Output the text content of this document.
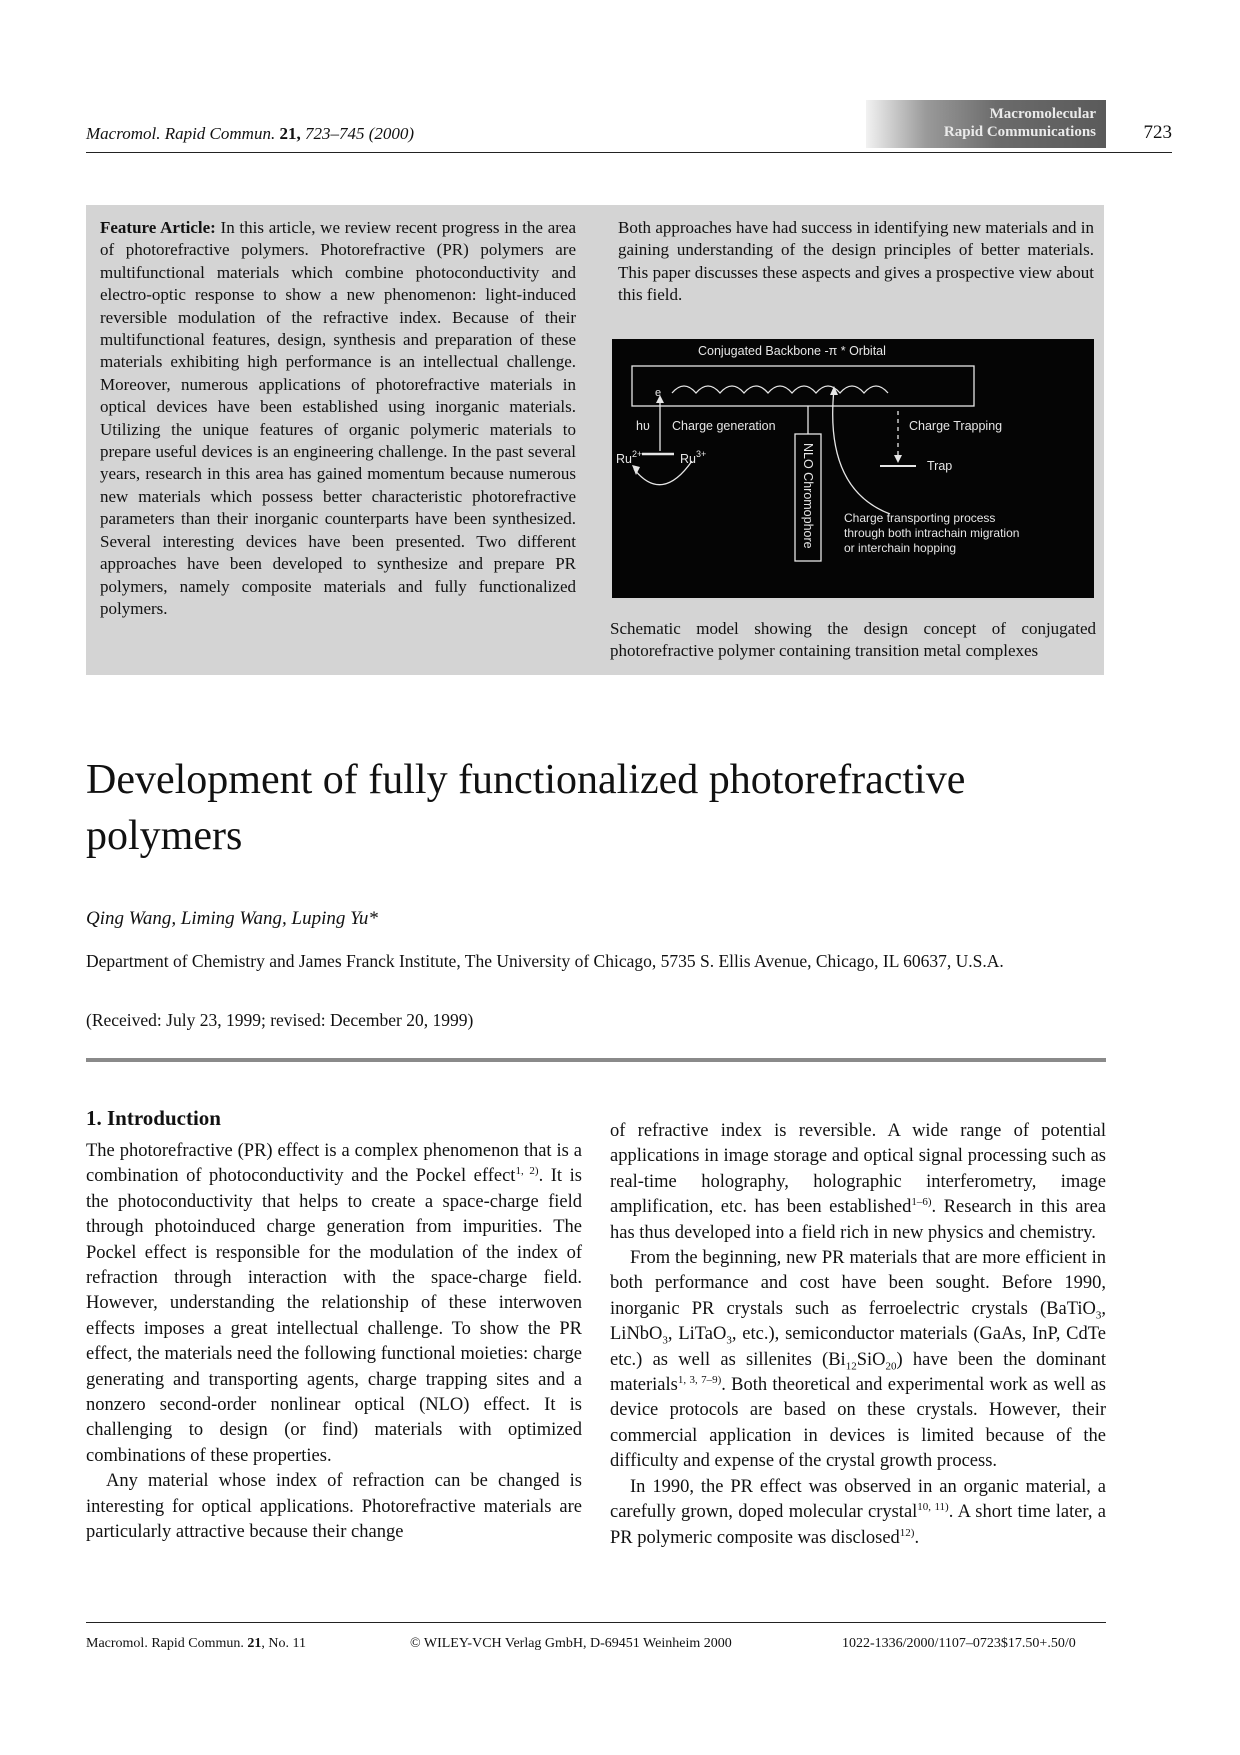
Macromol. Rapid Commun. 21, 723–745 (2000)
Macromolecular
Rapid Communications	723
Feature Article: In this article, we review recent progress in the area of photorefractive polymers. Photorefractive (PR) polymers are multifunctional materials which combine photoconductivity and electro-optic response to show a new phenomenon: light-induced reversible modulation of the refractive index. Because of their multifunctional features, design, synthesis and preparation of these materials exhibiting high performance is an intellectual challenge. Moreover, numerous applications of photorefractive materials in optical devices have been established using inorganic materials. Utilizing the unique features of organic polymeric materials to prepare useful devices is an engineering challenge. In the past several years, research in this area has gained momentum because numerous new materials which possess better characteristic photorefractive parameters than their inorganic counterparts have been synthesized. Several interesting devices have been presented. Two different approaches have been developed to synthesize and prepare PR polymers, namely composite materials and fully functionalized polymers.
Both approaches have had success in identifying new materials and in gaining understanding of the design principles of better materials. This paper discusses these aspects and gives a prospective view about this field.
Conjugated Backbone -π * Orbital
e
hυ Charge generation
$Ru^{2+}$	$Ru^{3+}$	NLO Chromophore
Charge Trapping
Trap
Charge transporting process
through both intrachain migration
or interchain hopping
Schematic model showing the design concept of conjugated photorefractive polymer containing transition metal complexes
Development of fully functionalized photorefractive polymers
Qing Wang, Liming Wang, Luping Yu*
Department of Chemistry and James Franck Institute, The University of Chicago, 5735 S. Ellis Avenue, Chicago, IL 60637, U.S.A.
(Received: July 23, 1999; revised: December 20, 1999)
1. Introduction

The photorefractive (PR) effect is a complex phenomenon that is a combination of photoconductivity and the Pockel effect$^{1, 2)}$. It is the photoconductivity that helps to create a space-charge field through photoinduced charge generation from impurities. The Pockel effect is responsible for the modulation of the index of refraction through interaction with the space-charge field. However, understanding the relationship of these interwoven effects imposes a great intellectual challenge. To show the PR effect, the materials need the following functional moieties: charge generating and transporting agents, charge trapping sites and a nonzero second-order nonlinear optical (NLO) effect. It is challenging to design (or find) materials with optimized combinations of these properties.

Any material whose index of refraction can be changed is interesting for optical applications. Photorefractive materials are particularly attractive because their change

of refractive index is reversible. A wide range of potential applications in image storage and optical signal processing such as real-time holography, holographic interferometry, image amplification, etc. has been established$^{1-6)}$. Research in this area has thus developed into a field rich in new physics and chemistry.

From the beginning, new PR materials that are more efficient in both performance and cost have been sought. Before 1990, inorganic PR crystals such as ferroelectric crystals (BaTiO$_3$, LiNbO$_3$, LiTaO$_3$, etc.), semiconductor materials (GaAs, InP, CdTe etc.) as well as sillenites $(Bi_{12}SiO_{20})$ have been the dominant materials$^{1, 3, 7-9)}$. Both theoretical and experimental work as well as device protocols are based on these crystals. However, their commercial application in devices is limited because of the difficulty and expense of the crystal growth process.

In 1990, the PR effect was observed in an organic material, a carefully grown, doped molecular crystal$^{10, 11)}$. A short time later, a PR polymeric composite was disclosed$^{12)}$.

Macromol. Rapid Commun. 21, No. 11	© WILEY-VCH Verlag GmbH, D-69451 Weinheim 2000	1022-1336/2000/1107–0723$17.50+.50/0
